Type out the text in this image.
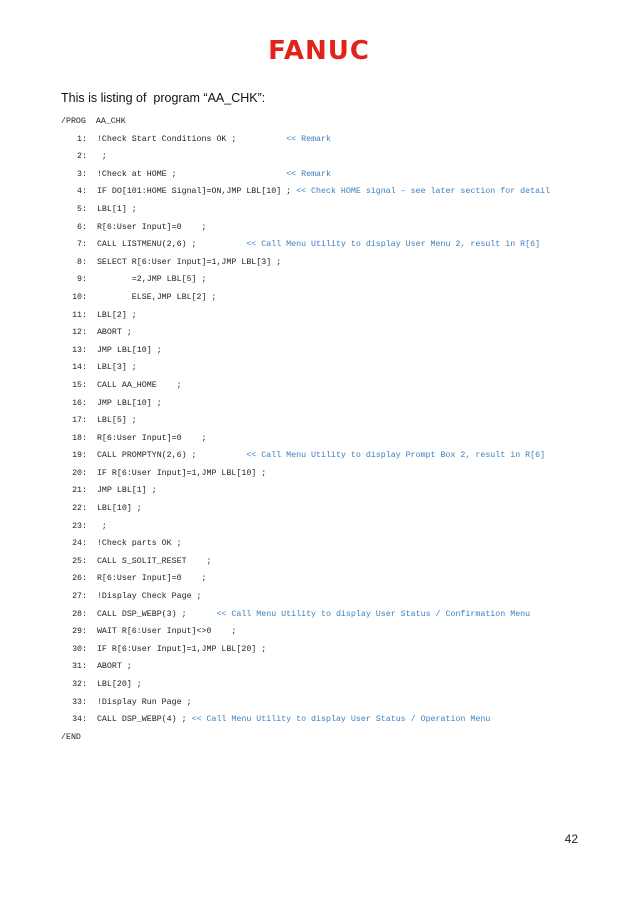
FANUC
This is listing of  program “AA_CHK”:
/PROG  AA_CHK
1:  !Check Start Conditions OK ;          << Remark
2:   ;
3:  !Check at HOME ;                      << Remark
4:  IF DO[101:HOME Signal]=ON,JMP LBL[10] ; << Check HOME signal – see later section for detail
5:  LBL[1] ;
6:  R[6:User Input]=0    ;
7:  CALL LISTMENU(2,6) ;          << Call Menu Utility to display User Menu 2, result in R[6]
8:  SELECT R[6:User Input]=1,JMP LBL[3] ;
9:         =2,JMP LBL[5] ;
10:         ELSE,JMP LBL[2] ;
11:  LBL[2] ;
12:  ABORT ;
13:  JMP LBL[10] ;
14:  LBL[3] ;
15:  CALL AA_HOME    ;
16:  JMP LBL[10] ;
17:  LBL[5] ;
18:  R[6:User Input]=0    ;
19:  CALL PROMPTYN(2,6) ;          << Call Menu Utility to display Prompt Box 2, result in R[6]
20:  IF R[6:User Input]=1,JMP LBL[10] ;
21:  JMP LBL[1] ;
22:  LBL[10] ;
23:   ;
24:  !Check parts OK ;
25:  CALL S_SOLIT_RESET    ;
26:  R[6:User Input]=0    ;
27:  !Display Check Page ;
28:  CALL DSP_WEBP(3) ;      << Call Menu Utility to display User Status / Confirmation Menu
29:  WAIT R[6:User Input]<>0    ;
30:  IF R[6:User Input]=1,JMP LBL[20] ;
31:  ABORT ;
32:  LBL[20] ;
33:  !Display Run Page ;
34:  CALL DSP_WEBP(4) ; << Call Menu Utility to display User Status / Operation Menu
/END
42
